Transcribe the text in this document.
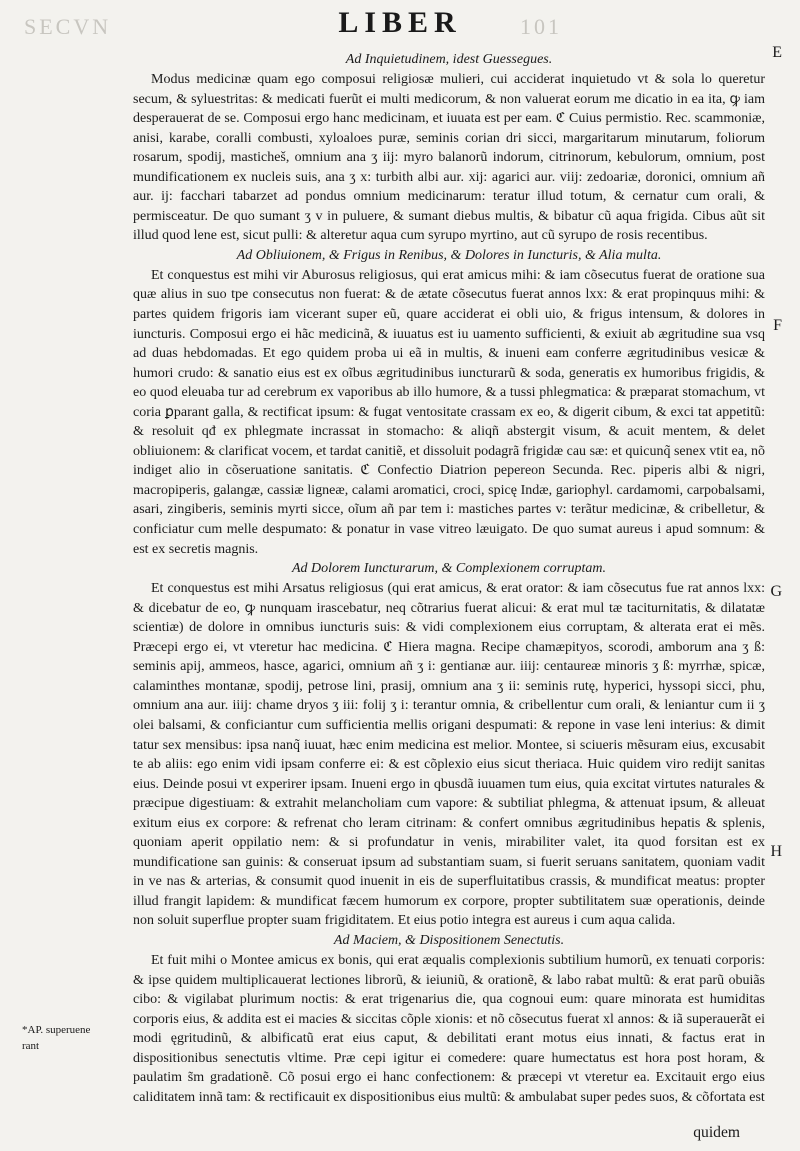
SECVN	101
LIBER
E
F
G
H
*AP. superuene rant

Ad Inquietudinem, idest Guessegues.

Modus medicinæ quam ego composui religiosæ mulieri, cui acciderat inquietudo vt & sola lo queretur secum, & syluestritas: & medicati fuerũt ei multi medicorum, & non valuerat eorum me dicatio in ea ita, ꝙ iam desperauerat de se. Composui ergo hanc medicinam, et iuuata est per eam. ℭ Cuius permistio. Rec. scammoniæ, anisi, karabe, coralli combusti, xyloaloes puræ, seminis corian dri sicci, margaritarum minutarum, foliorum rosarum, spodij, masticheš, omnium ana ʒ iij: myro balanorũ indorum, citrinorum, kebulorum, omnium, post mundificationem ex nucleis suis, ana ʒ x: turbith albi aur. xij: agarici aur. viij: zedoariæ, doronici, omnium añ aur. ij: facchari tabarzet ad pondus omnium medicinarum: teratur illud totum, & cernatur cum orali, & permisceatur. De quo sumant ʒ v in puluere, & sumant diebus multis, & bibatur cũ aqua frigida. Cibus aũt sit illud quod lene est, sicut pulli: & alteretur aqua cum syrupo myrtino, aut cũ syrupo de rosis recentibus.

Ad Obliuionem, & Frigus in Renibus, & Dolores in Iuncturis, & Alia multa.

Et conquestus est mihi vir Aburosus religiosus, qui erat amicus mihi: & iam cõsecutus fuerat de oratione sua quæ alius in suo tpe consecutus non fuerat: & de ætate cõsecutus fuerat annos lxx: & erat propinquus mihi: & partes quidem frigoris iam vicerant super eũ, quare acciderat ei obli uio, & frigus intensum, & dolores in iuncturis. Composui ergo ei hãc medicinã, & iuuatus est iu uamento sufficienti, & exiuit ab ægritudine sua vsq ad duas hebdomadas. Et ego quidem proba ui eã in multis, & inueni eam conferre ægritudinibus vesicæ & humori crudo: & sanatio eius est ex oĩbus ægritudinibus iuncturarũ & soda, generatis ex humoribus frigidis, & eo quod eleuaba tur ad cerebrum ex vaporibus ab illo humore, & a tussi phlegmatica: & præparat stomachum, vt coria ꝑparant galla, & rectificat ipsum: & fugat ventositate crassam ex eo, & digerit cibum, & exci tat appetitũ: & resoluit qđ ex phlegmate incrassat in stomacho: & aliqñ abstergit visum, & acuit mentem, & delet obliuionem: & clarificat vocem, et tardat canitiẽ, et dissoluit podagrã frigidæ cau sæ: et quicunq̃ senex vtit ea, nõ indiget alio in cõseruatione sanitatis. ℭ Confectio Diatrion pepereon Secunda. Rec. piperis albi & nigri, macropiperis, galangæ, cassiæ ligneæ, calami aromatici, croci, spicę Indæ, gariophyl. cardamomi, carpobalsami, asari, zingiberis, seminis myrti sicce, oĩum añ par tem i: mastiches partes v: terãtur medicinæ, & cribelletur, & conficiatur cum melle despumato: & ponatur in vase vitreo læuigato. De quo sumat aureus i apud somnum: & est ex secretis magnis.

Ad Dolorem Iuncturarum, & Complexionem corruptam.

Et conquestus est mihi Arsatus religiosus (qui erat amicus, & erat orator: & iam cõsecutus fue rat annos lxx: & dicebatur de eo, ꝙ nunquam irascebatur, neq cõtrarius fuerat alicui: & erat mul tæ taciturnitatis, & dilatatæ scientiæ) de dolore in omnibus iuncturis suis: & vidi complexionem eius corruptam, & alterata erat ei mẽs. Præcepi ergo ei, vt vteretur hac medicina. ℭ Hiera magna. Recipe chamæpityos, scorodi, amborum ana ʒ ß: seminis apij, ammeos, hasce, agarici, omnium añ ʒ i: gentianæ aur. iiij: centaureæ minoris ʒ ß: myrrhæ, spicæ, calaminthes montanæ, spodij, petrose lini, prasij, omnium ana ʒ ii: seminis rutę, hyperici, hyssopi sicci, phu, omnium ana aur. iiij: chame dryos ʒ iii: folij ʒ i: terantur omnia, & cribellentur cum orali, & leniantur cum ii ʒ olei balsami, & conficiantur cum sufficientia mellis origani despumati: & repone in vase leni interius: & dimit tatur sex mensibus: ipsa nanq̃ iuuat, hæc enim medicina est melior. Montee, si sciueris mẽsuram eius, excusabit te ab aliis: ego enim vidi ipsam conferre ei: & est cõplexio eius sicut theriaca. Huic quidem viro redijt sanitas eius. Deinde posui vt experirer ipsam. Inueni ergo in qbusdã iuuamen tum eius, quia excitat virtutes naturales & præcipue digestiuam: & extrahit melancholiam cum vapore: & subtiliat phlegma, & attenuat ipsum, & alleuat exitum eius ex corpore: & refrenat cho leram citrinam: & confert omnibus ægritudinibus hepatis & splenis, quoniam aperit oppilatio nem: & si profundatur in venis, mirabiliter valet, ita quod forsitan est ex mundificatione san guinis: & conseruat ipsum ad substantiam suam, si fuerit seruans sanitatem, quoniam vadit in ve nas & arterias, & consumit quod inuenit in eis de superfluitatibus crassis, & mundificat meatus: propter illud frangit lapidem: & mundificat fæcem humorum ex corpore, propter subtilitatem suæ operationis, deinde non soluit superflue propter suam frigiditatem. Et eius potio integra est aureus i cum aqua calida.

Ad Maciem, & Dispositionem Senectutis.

Et fuit mihi o Montee amicus ex bonis, qui erat æqualis complexionis subtilium humorũ, ex tenuati corporis: & ipse quidem multiplicauerat lectiones librorũ, & ieiuniũ, & orationẽ, & labo rabat multũ: & erat parũ obuiãs cibo: & vigilabat plurimum noctis: & erat trigenarius die, qua cognoui eum: quare minorata est humiditas corporis eius, & addita est ei macies & siccitas cõple xionis: et nõ cõsecutus fuerat xl annos: & iã superauerãt ei modi ęgritudinũ, & albificatũ erat eius caput, & debilitati erant motus eius innati, & factus erat in dispositionibus senectutis vltime. Præ cepi igitur ei comedere: quare humectatus est hora post horam, & paulatim s̃m gradationẽ. Cõ posui ergo ei hanc confectionem: & præcepi vt vteretur ea. Excitauit ergo eius caliditatem innã tam: & rectificauit ex dispositionibus eius multũ: & ambulabat super pedes suos, & cõfortata est

quidem
